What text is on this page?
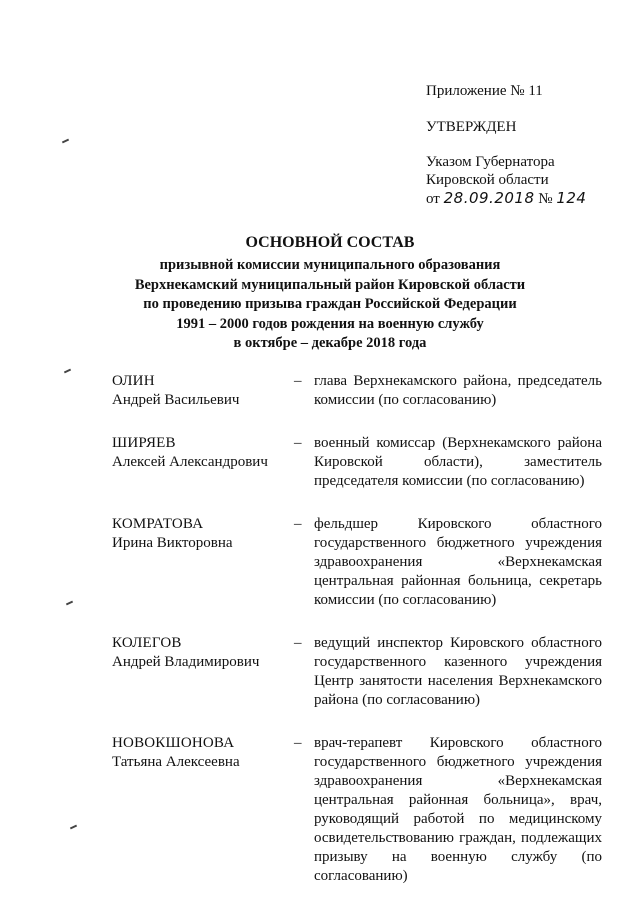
Приложение № 11
УТВЕРЖДЕН
Указом Губернатора
Кировской области
от 28.09.2018 № 124
ОСНОВНОЙ СОСТАВ
призывной комиссии муниципального образования
Верхнекамский муниципальный район Кировской области
по проведению призыва граждан Российской Федерации
1991 – 2000 годов рождения на военную службу
в октябре – декабре 2018 года
ОЛИН
Андрей Васильевич
– глава Верхнекамского района, председатель комиссии (по согласованию)
ШИРЯЕВ
Алексей Александрович
– военный комиссар (Верхнекамского района Кировской области), заместитель председателя комиссии (по согласованию)
КОМРАТОВА
Ирина Викторовна
– фельдшер Кировского областного государственного бюджетного учреждения здравоохранения «Верхнекамская центральная районная больница, секретарь комиссии (по согласованию)
КОЛЕГОВ
Андрей Владимирович
– ведущий инспектор Кировского областного государственного казенного учреждения Центр занятости населения Верхнекамского района (по согласованию)
НОВОКШОНОВА
Татьяна Алексеевна
– врач-терапевт Кировского областного государственного бюджетного учреждения здравоохранения «Верхнекамская центральная районная больница», врач, руководящий работой по медицинскому освидетельствованию граждан, подлежащих призыву на военную службу (по согласованию)
